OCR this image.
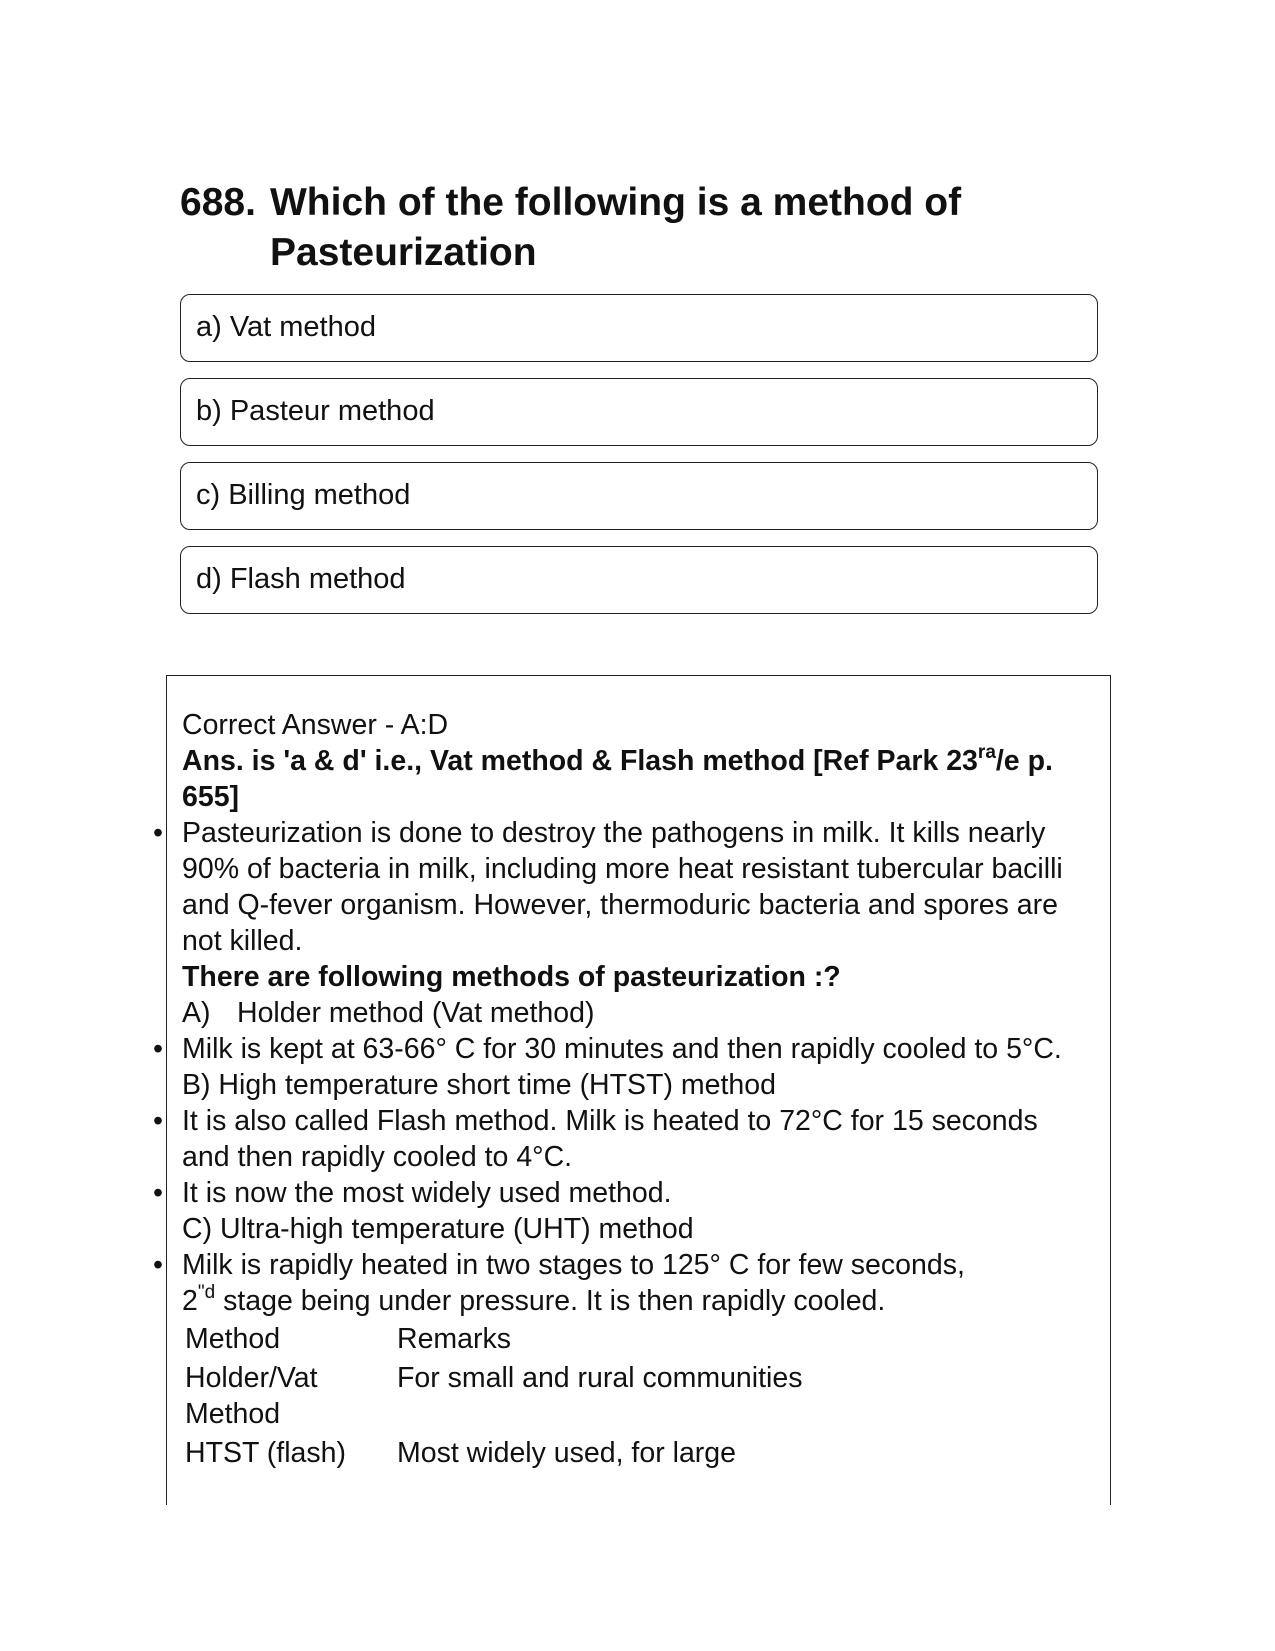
688. Which of the following is a method of Pasteurization
a) Vat method
b) Pasteur method
c) Billing method
d) Flash method

Correct Answer - A:D

Ans. is 'a & d' i.e., Vat method & Flash method [Ref Park $23^{ra}/e$ p. 655]

• Pasteurization is done to destroy the pathogens in milk. It kills nearly 90% of bacteria in milk, including more heat resistant tubercular bacilli and Q-fever organism. However, thermoduric bacteria and spores are not killed.

There are following methods of pasteurization :?

A) Holder method (Vat method)

• Milk is kept at 63-66° C for 30 minutes and then rapidly cooled to 5°C.

B) High temperature short time (HTST) method

• It is also called Flash method. Milk is heated to 72°C for 15 seconds and then rapidly cooled to 4°C.

• It is now the most widely used method.

C) Ultra-high temperature (UHT) method

• Milk is rapidly heated in two stages to 125° C for few seconds,

$2^{"d}$ stage being under pressure. It is then rapidly cooled.

Method	Remarks
Holder/Vat Method	For small and rural communities
HTST (flash)	Most widely used, for large
